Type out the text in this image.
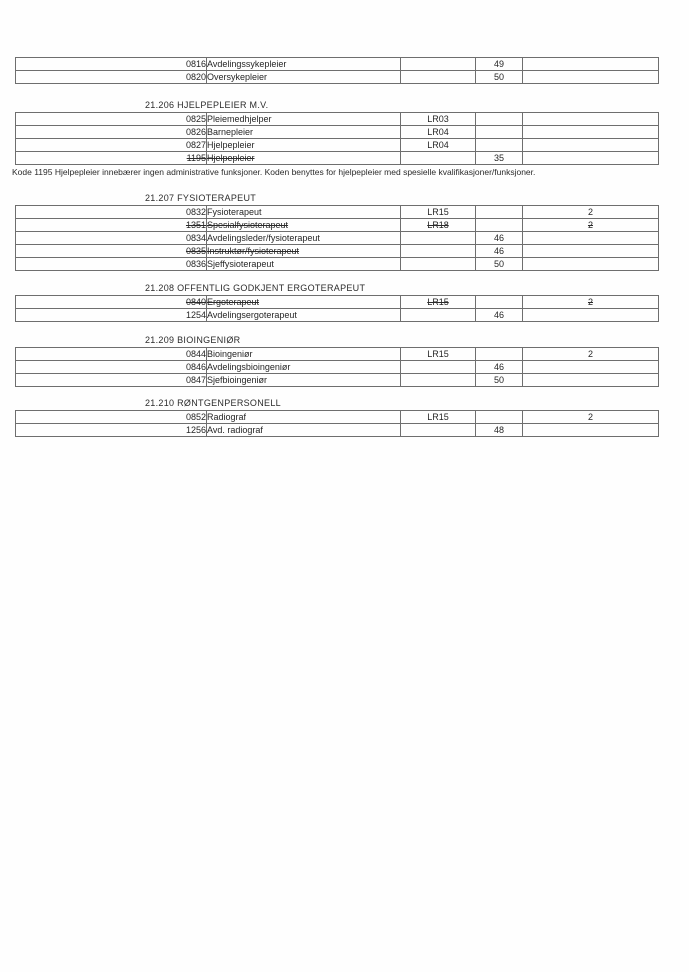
0816	Avdelingssykepleier		49	
0820	Oversykepleier		50	
21.206 HJELPEPLEIER M.V.
0825	Pleiemedhjelper	LR03		
0826	Barnepleier	LR04		
0827	Hjelpepleier	LR04		
1195	Hjelpepleier		35	
Kode 1195 Hjelpepleier innebærer ingen administrative funksjoner. Koden benyttes for hjelpepleier med spesielle kvalifikasjoner/funksjoner.
21.207 FYSIOTERAPEUT
0832	Fysioterapeut	LR15		2
1351	Spesialfysioterapeut	LR18		2
0834	Avdelingsleder/fysioterapeut		46	
0835	Instruktør/fysioterapeut		46	
0836	Sjeffysioterapeut		50	
21.208 OFFENTLIG GODKJENT ERGOTERAPEUT
0840	Ergoterapeut	LR15		2
1254	Avdelingsergoterapeut		46	
21.209 BIOINGENIØR
0844	Bioingeniør	LR15		2
0846	Avdelingsbioingeniør		46	
0847	Sjefbioingeniør		50	
21.210 RØNTGENPERSONELL
0852	Radiograf	LR15		2
1256	Avd. radiograf		48	
